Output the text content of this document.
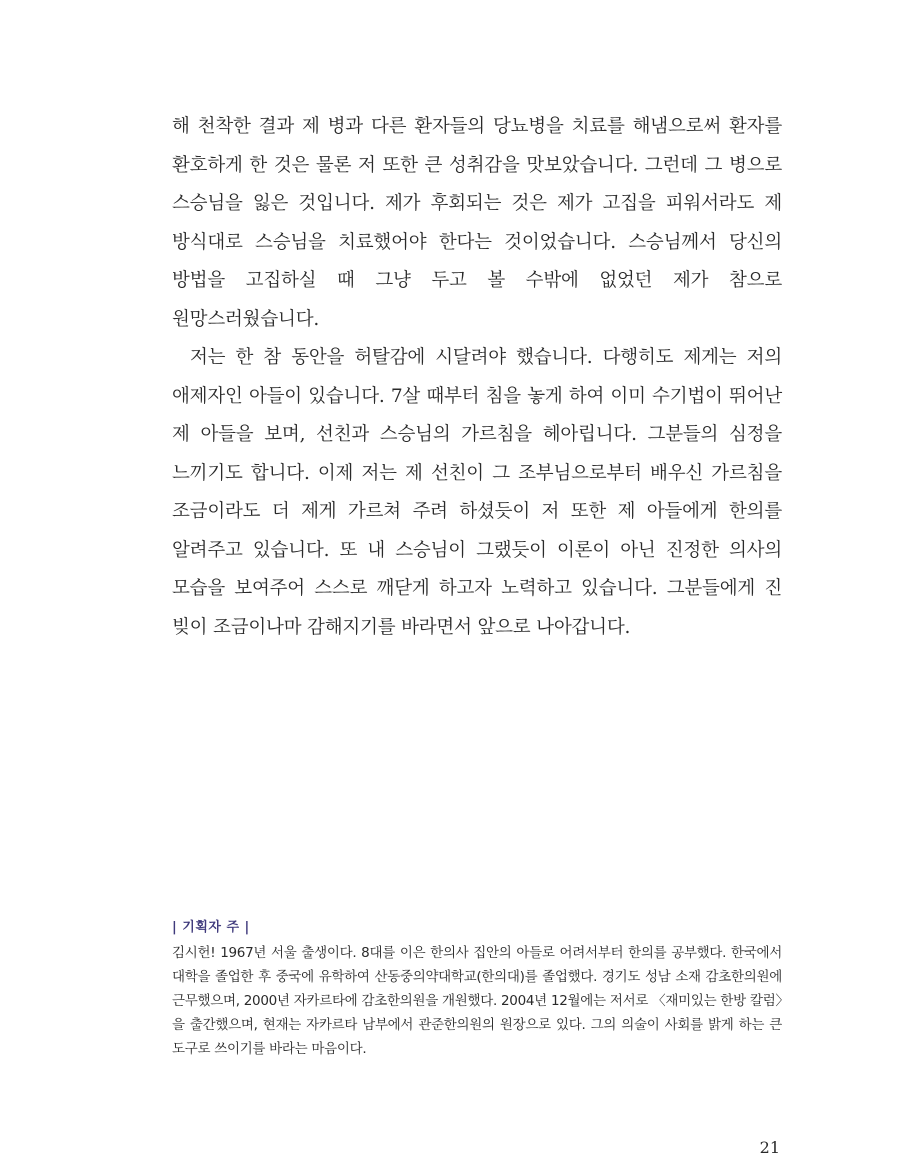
해 천착한 결과 제 병과 다른 환자들의 당뇨병을 치료를 해냄으로써 환자를 환호하게 한 것은 물론 저 또한 큰 성취감을 맛보았습니다. 그런데 그 병으로 스승님을 잃은 것입니다. 제가 후회되는 것은 제가 고집을 피워서라도 제 방식대로 스승님을 치료했어야 한다는 것이었습니다. 스승님께서 당신의 방법을 고집하실 때 그냥 두고 볼 수밖에 없었던 제가 참으로 원망스러웠습니다.

저는 한 참 동안을 허탈감에 시달려야 했습니다. 다행히도 제게는 저의 애제자인 아들이 있습니다. 7살 때부터 침을 놓게 하여 이미 수기법이 뛰어난 제 아들을 보며, 선친과 스승님의 가르침을 헤아립니다. 그분들의 심정을 느끼기도 합니다. 이제 저는 제 선친이 그 조부님으로부터 배우신 가르침을 조금이라도 더 제게 가르쳐 주려 하셨듯이 저 또한 제 아들에게 한의를 알려주고 있습니다. 또 내 스승님이 그랬듯이 이론이 아닌 진정한 의사의 모습을 보여주어 스스로 깨닫게 하고자 노력하고 있습니다. 그분들에게 진 빚이 조금이나마 감해지기를 바라면서 앞으로 나아갑니다.

| 기획자 주 |

김시헌! 1967년 서울 출생이다. 8대를 이은 한의사 집안의 아들로 어려서부터 한의를 공부했다. 한국에서 대학을 졸업한 후 중국에 유학하여 산동중의약대학교(한의대)를 졸업했다. 경기도 성남 소재 감초한의원에 근무했으며, 2000년 자카르타에 감초한의원을 개원했다. 2004년 12월에는 저서로 〈재미있는 한방 칼럼〉을 출간했으며, 현재는 자카르타 남부에서 관준한의원의 원장으로 있다. 그의 의술이 사회를 밝게 하는 큰 도구로 쓰이기를 바라는 마음이다.

21
